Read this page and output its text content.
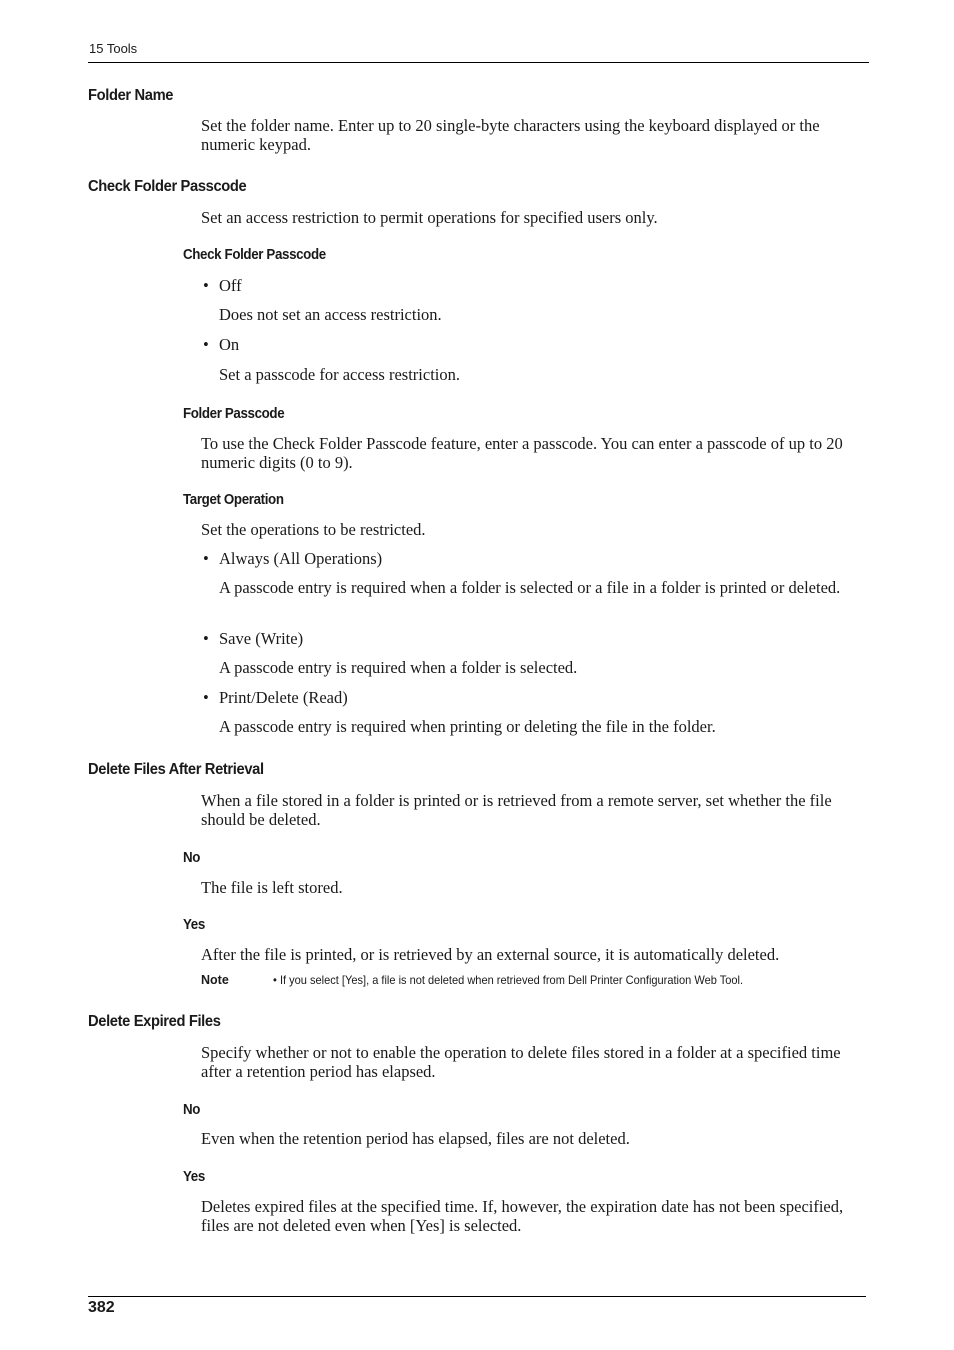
15 Tools
Folder Name
Set the folder name. Enter up to 20 single-byte characters using the keyboard displayed or the numeric keypad.
Check Folder Passcode
Set an access restriction to permit operations for specified users only.
Check Folder Passcode
• Off
Does not set an access restriction.
• On
Set a passcode for access restriction.
Folder Passcode
To use the Check Folder Passcode feature, enter a passcode. You can enter a passcode of up to 20 numeric digits (0 to 9).
Target Operation
Set the operations to be restricted.
• Always (All Operations)
A passcode entry is required when a folder is selected or a file in a folder is printed or deleted.
• Save (Write)
A passcode entry is required when a folder is selected.
• Print/Delete (Read)
A passcode entry is required when printing or deleting the file in the folder.
Delete Files After Retrieval
When a file stored in a folder is printed or is retrieved from a remote server, set whether the file should be deleted.
No
The file is left stored.
Yes
After the file is printed, or is retrieved by an external source, it is automatically deleted.
Note	• If you select [Yes], a file is not deleted when retrieved from Dell Printer Configuration Web Tool.
Delete Expired Files
Specify whether or not to enable the operation to delete files stored in a folder at a specified time after a retention period has elapsed.
No
Even when the retention period has elapsed, files are not deleted.
Yes
Deletes expired files at the specified time. If, however, the expiration date has not been specified, files are not deleted even when [Yes] is selected.
382
